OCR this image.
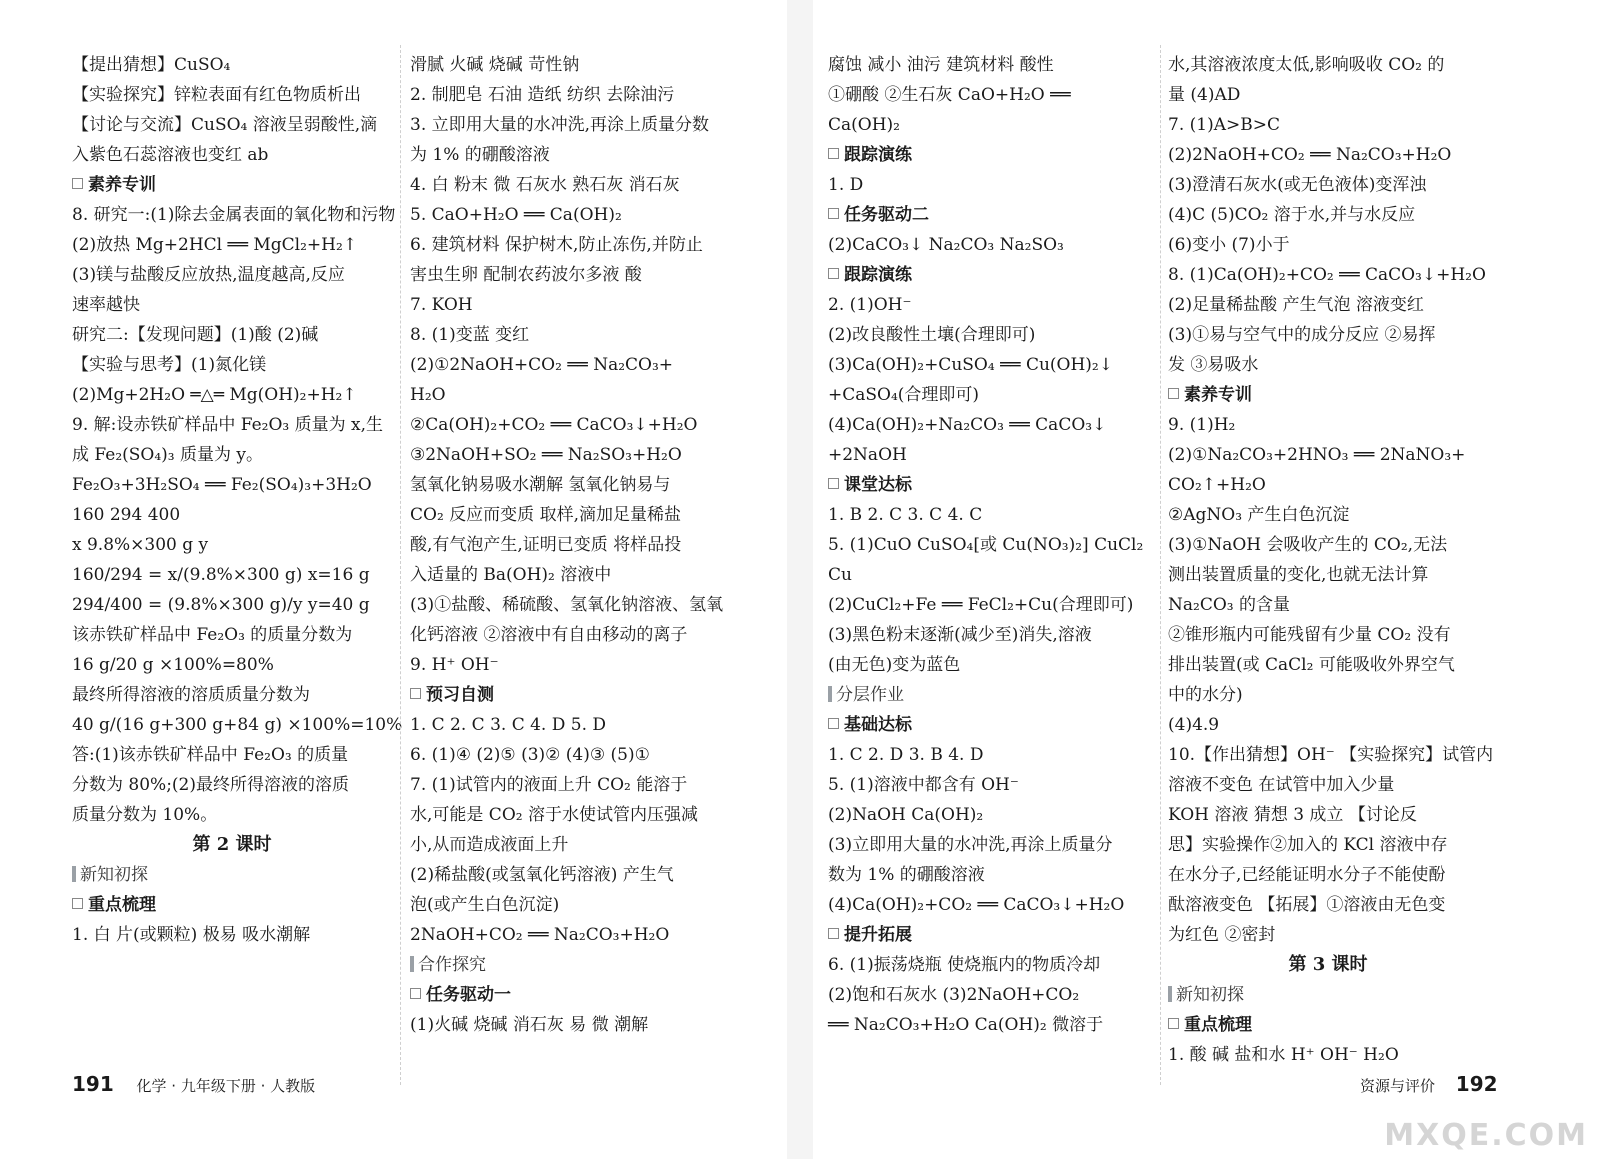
【提出猜想】CuSO₄
【实验探究】锌粒表面有红色物质析出
【讨论与交流】CuSO₄ 溶液呈弱酸性,滴
入紫色石蕊溶液也变红 ab
素养专训
8. 研究一:(1)除去金属表面的氧化物和污物
(2)放热 Mg+2HCl ══ MgCl₂+H₂↑
(3)镁与盐酸反应放热,温度越高,反应
速率越快
研究二:【发现问题】(1)酸 (2)碱
【实验与思考】(1)氮化镁
(2)Mg+2H₂O ═△═ Mg(OH)₂+H₂↑
9. 解:设赤铁矿样品中 Fe₂O₃ 质量为 x,生
成 Fe₂(SO₄)₃ 质量为 y。
Fe₂O₃+3H₂SO₄ ══ Fe₂(SO₄)₃+3H₂O
160 294 400
x 9.8%×300 g y
160/294 = x/(9.8%×300 g) x=16 g
294/400 = (9.8%×300 g)/y y=40 g
该赤铁矿样品中 Fe₂O₃ 的质量分数为
16 g/20 g ×100%=80%
最终所得溶液的溶质质量分数为
40 g/(16 g+300 g+84 g) ×100%=10%
答:(1)该赤铁矿样品中 Fe₂O₃ 的质量
分数为 80%;(2)最终所得溶液的溶质
质量分数为 10%。
第 2 课时
新知初探
重点梳理
1. 白 片(或颗粒) 极易 吸水潮解
滑腻 火碱 烧碱 苛性钠
2. 制肥皂 石油 造纸 纺织 去除油污
3. 立即用大量的水冲洗,再涂上质量分数
为 1% 的硼酸溶液
4. 白 粉末 微 石灰水 熟石灰 消石灰
5. CaO+H₂O ══ Ca(OH)₂
6. 建筑材料 保护树木,防止冻伤,并防止
害虫生卵 配制农药波尔多液 酸
7. KOH
8. (1)变蓝 变红
(2)①2NaOH+CO₂ ══ Na₂CO₃+
H₂O
②Ca(OH)₂+CO₂ ══ CaCO₃↓+H₂O
③2NaOH+SO₂ ══ Na₂SO₃+H₂O
氢氧化钠易吸水潮解 氢氧化钠易与
CO₂ 反应而变质 取样,滴加足量稀盐
酸,有气泡产生,证明已变质 将样品投
入适量的 Ba(OH)₂ 溶液中
(3)①盐酸、稀硫酸、氢氧化钠溶液、氢氧
化钙溶液 ②溶液中有自由移动的离子
9. H⁺ OH⁻
预习自测
1. C 2. C 3. C 4. D 5. D
6. (1)④ (2)⑤ (3)② (4)③ (5)①
7. (1)试管内的液面上升 CO₂ 能溶于
水,可能是 CO₂ 溶于水使试管内压强减
小,从而造成液面上升
(2)稀盐酸(或氢氧化钙溶液) 产生气
泡(或产生白色沉淀)
2NaOH+CO₂ ══ Na₂CO₃+H₂O
合作探究
任务驱动一
(1)火碱 烧碱 消石灰 易 微 潮解
腐蚀 减小 油污 建筑材料 酸性
①硼酸 ②生石灰 CaO+H₂O ══
Ca(OH)₂
跟踪演练
1. D
任务驱动二
(2)CaCO₃↓ Na₂CO₃ Na₂SO₃
跟踪演练
2. (1)OH⁻
(2)改良酸性土壤(合理即可)
(3)Ca(OH)₂+CuSO₄ ══ Cu(OH)₂↓
+CaSO₄(合理即可)
(4)Ca(OH)₂+Na₂CO₃ ══ CaCO₃↓
+2NaOH
课堂达标
1. B 2. C 3. C 4. C
5. (1)CuO CuSO₄[或 Cu(NO₃)₂] CuCl₂
Cu
(2)CuCl₂+Fe ══ FeCl₂+Cu(合理即可)
(3)黑色粉末逐渐(减少至)消失,溶液
(由无色)变为蓝色
分层作业
基础达标
1. C 2. D 3. B 4. D
5. (1)溶液中都含有 OH⁻
(2)NaOH Ca(OH)₂
(3)立即用大量的水冲洗,再涂上质量分
数为 1% 的硼酸溶液
(4)Ca(OH)₂+CO₂ ══ CaCO₃↓+H₂O
提升拓展
6. (1)振荡烧瓶 使烧瓶内的物质冷却
(2)饱和石灰水 (3)2NaOH+CO₂
══ Na₂CO₃+H₂O Ca(OH)₂ 微溶于
水,其溶液浓度太低,影响吸收 CO₂ 的
量 (4)AD
7. (1)A>B>C
(2)2NaOH+CO₂ ══ Na₂CO₃+H₂O
(3)澄清石灰水(或无色液体)变浑浊
(4)C (5)CO₂ 溶于水,并与水反应
(6)变小 (7)小于
8. (1)Ca(OH)₂+CO₂ ══ CaCO₃↓+H₂O
(2)足量稀盐酸 产生气泡 溶液变红
(3)①易与空气中的成分反应 ②易挥
发 ③易吸水
素养专训
9. (1)H₂
(2)①Na₂CO₃+2HNO₃ ══ 2NaNO₃+
CO₂↑+H₂O
②AgNO₃ 产生白色沉淀
(3)①NaOH 会吸收产生的 CO₂,无法
测出装置质量的变化,也就无法计算
Na₂CO₃ 的含量
②锥形瓶内可能残留有少量 CO₂ 没有
排出装置(或 CaCl₂ 可能吸收外界空气
中的水分)
(4)4.9
10.【作出猜想】OH⁻ 【实验探究】试管内
溶液不变色 在试管中加入少量
KOH 溶液 猜想 3 成立 【讨论反
思】实验操作②加入的 KCl 溶液中存
在水分子,已经能证明水分子不能使酚
酞溶液变色 【拓展】①溶液由无色变
为红色 ②密封
第 3 课时
新知初探
重点梳理
1. 酸 碱 盐和水 H⁺ OH⁻ H₂O
191 化学 · 九年级下册 · 人教版	资源与评价 192
MXQE.COM
